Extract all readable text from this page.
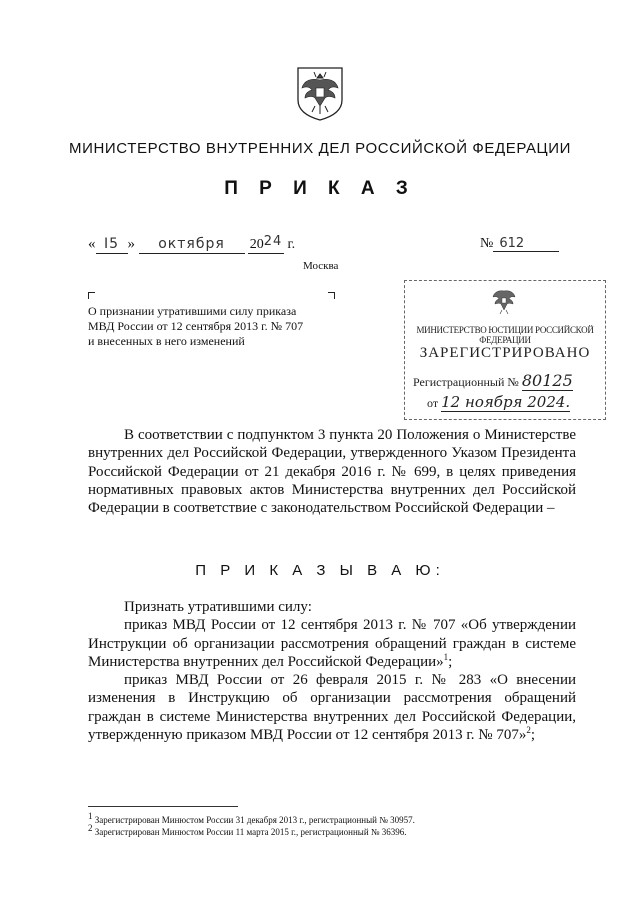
МИНИСТЕРСТВО ВНУТРЕННИХ ДЕЛ РОССИЙСКОЙ ФЕДЕРАЦИИ
П Р И К А З
« I5 » октября 2024 г.	№ 612
Москва

О признании утратившими силу приказа

МВД России от 12 сентября 2013 г. № 707

и внесенных в него изменений

МИНИСТЕРСТВО ЮСТИЦИИ РОССИЙСКОЙ ФЕДЕРАЦИИ
ЗАРЕГИСТРИРОВАНО
Регистрационный № 80125
от 12 ноября 2024.

В соответствии с подпунктом 3 пункта 20 Положения о Министерстве внутренних дел Российской Федерации, утвержденного Указом Президента Российской Федерации от 21 декабря 2016 г. № 699, в целях приведения нормативных правовых актов Министерства внутренних дел Российской Федерации в соответствие с законодательством Российской Федерации –

П Р И К А З Ы В А Ю:

Признать утратившими силу:

приказ МВД России от 12 сентября 2013 г. № 707 «Об утверждении Инструкции об организации рассмотрения обращений граждан в системе Министерства внутренних дел Российской Федерации»$^1$;

приказ МВД России от 26 февраля 2015 г. № 283 «О внесении изменения в Инструкцию об организации рассмотрения обращений граждан в системе Министерства внутренних дел Российской Федерации, утвержденную приказом МВД России от 12 сентября 2013 г. № 707»$^2$;

$^1$ Зарегистрирован Минюстом России 31 декабря 2013 г., регистрационный № 30957.

$^2$ Зарегистрирован Минюстом России 11 марта 2015 г., регистрационный № 36396.
